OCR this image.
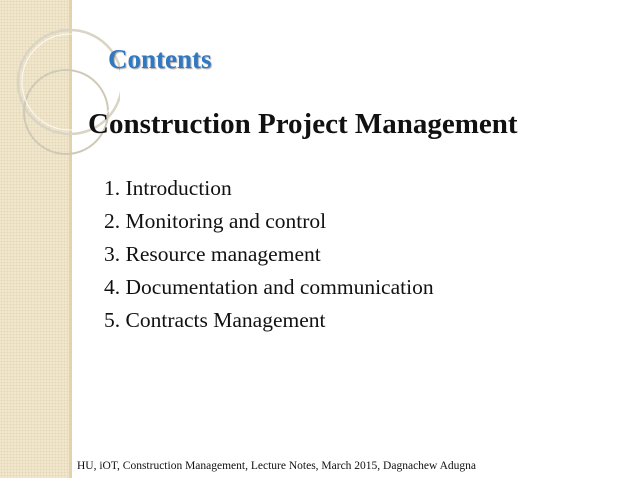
Contents
Construction Project Management
1. Introduction
2. Monitoring and control
3. Resource management
4. Documentation and communication
5. Contracts Management

HU, iOT, Construction Management, Lecture Notes, March 2015, Dagnachew Adugna
